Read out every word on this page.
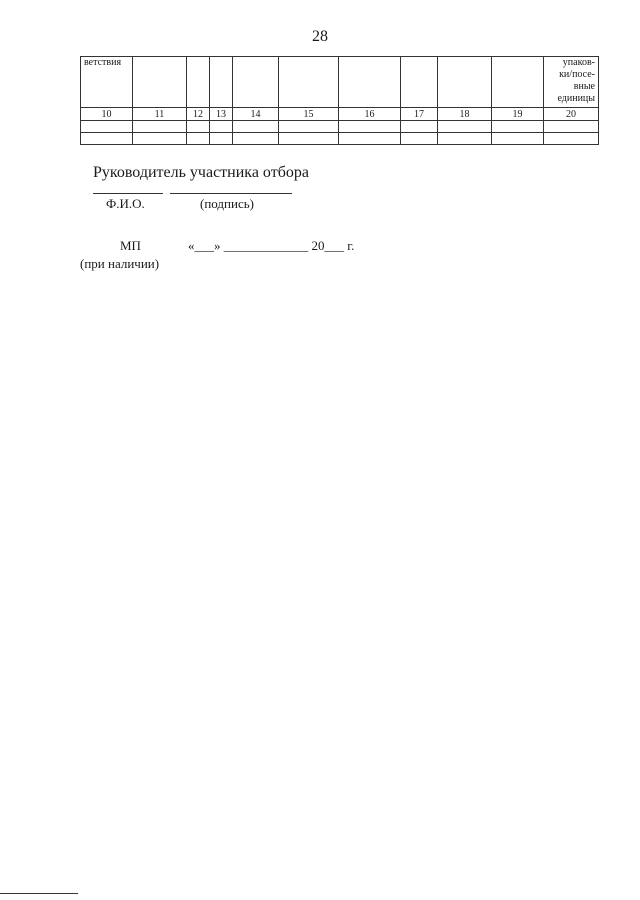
28
ветствия										упаков-
ки/посе-
вные
единицы

10	11	12	13	14	15	16	17	18	19	20

Руководитель участника отбора
Ф.И.О.	(подпись)
МП	«___» _____________ 20___ г.
(при наличии)
